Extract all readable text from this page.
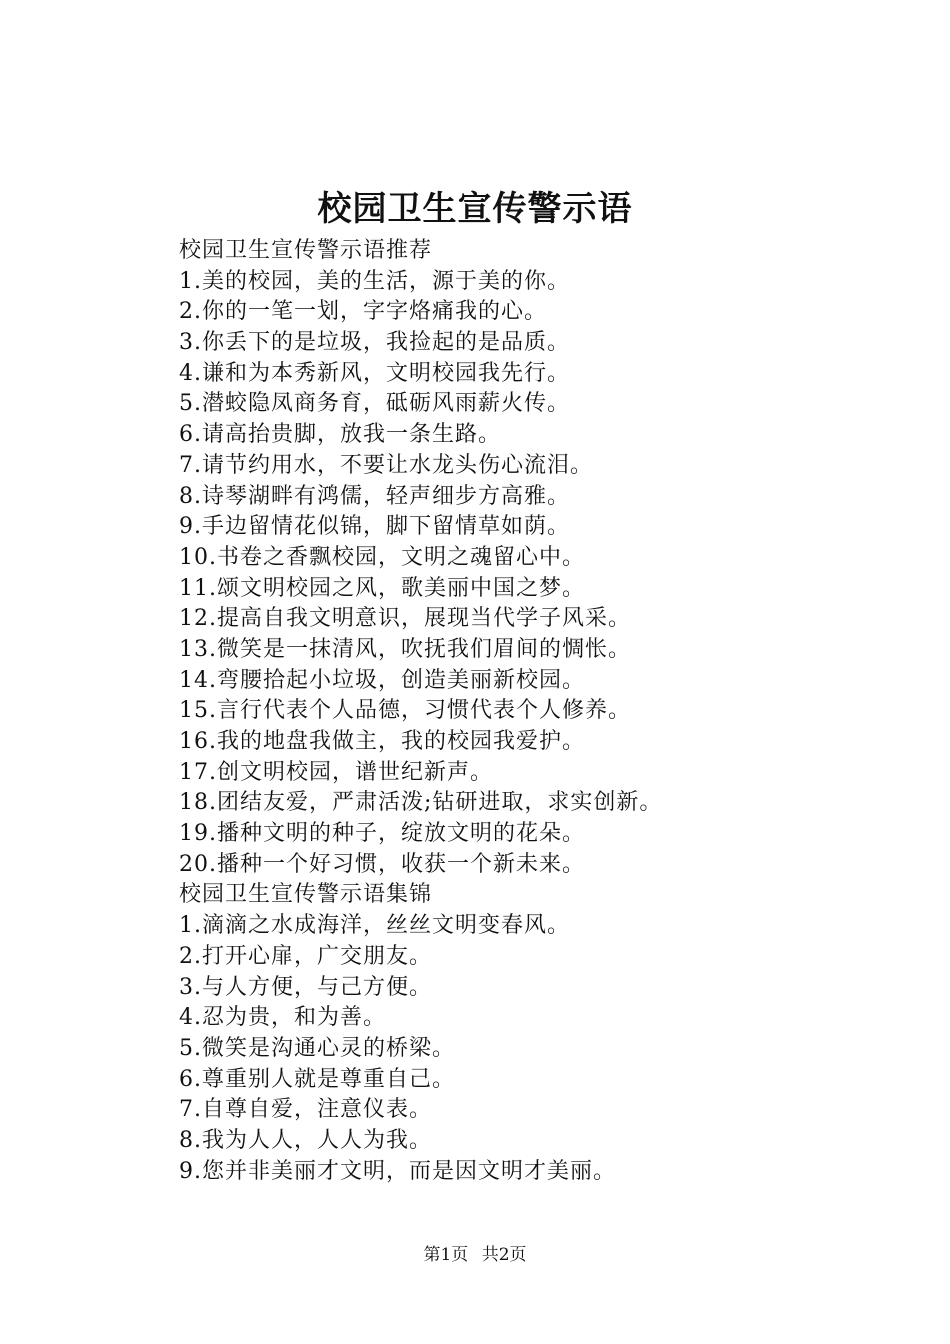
校园卫生宣传警示语
校园卫生宣传警示语推荐
1.美的校园，美的生活，源于美的你。
2.你的一笔一划，字字烙痛我的心。
3.你丢下的是垃圾，我捡起的是品质。
4.谦和为本秀新风，文明校园我先行。
5.潜蛟隐凤商务育，砥砺风雨薪火传。
6.请高抬贵脚，放我一条生路。
7.请节约用水，不要让水龙头伤心流泪。
8.诗琴湖畔有鸿儒，轻声细步方高雅。
9.手边留情花似锦，脚下留情草如荫。
10.书卷之香飘校园，文明之魂留心中。
11.颂文明校园之风，歌美丽中国之梦。
12.提高自我文明意识，展现当代学子风采。
13.微笑是一抹清风，吹抚我们眉间的惆怅。
14.弯腰拾起小垃圾，创造美丽新校园。
15.言行代表个人品德，习惯代表个人修养。
16.我的地盘我做主，我的校园我爱护。
17.创文明校园，谱世纪新声。
18.团结友爱，严肃活泼;钻研进取，求实创新。
19.播种文明的种子，绽放文明的花朵。
20.播种一个好习惯，收获一个新未来。
校园卫生宣传警示语集锦
1.滴滴之水成海洋，丝丝文明变春风。
2.打开心扉，广交朋友。
3.与人方便，与己方便。
4.忍为贵，和为善。
5.微笑是沟通心灵的桥梁。
6.尊重别人就是尊重自己。
7.自尊自爱，注意仪表。
8.我为人人，人人为我。
9.您并非美丽才文明，而是因文明才美丽。
第1页 共2页
